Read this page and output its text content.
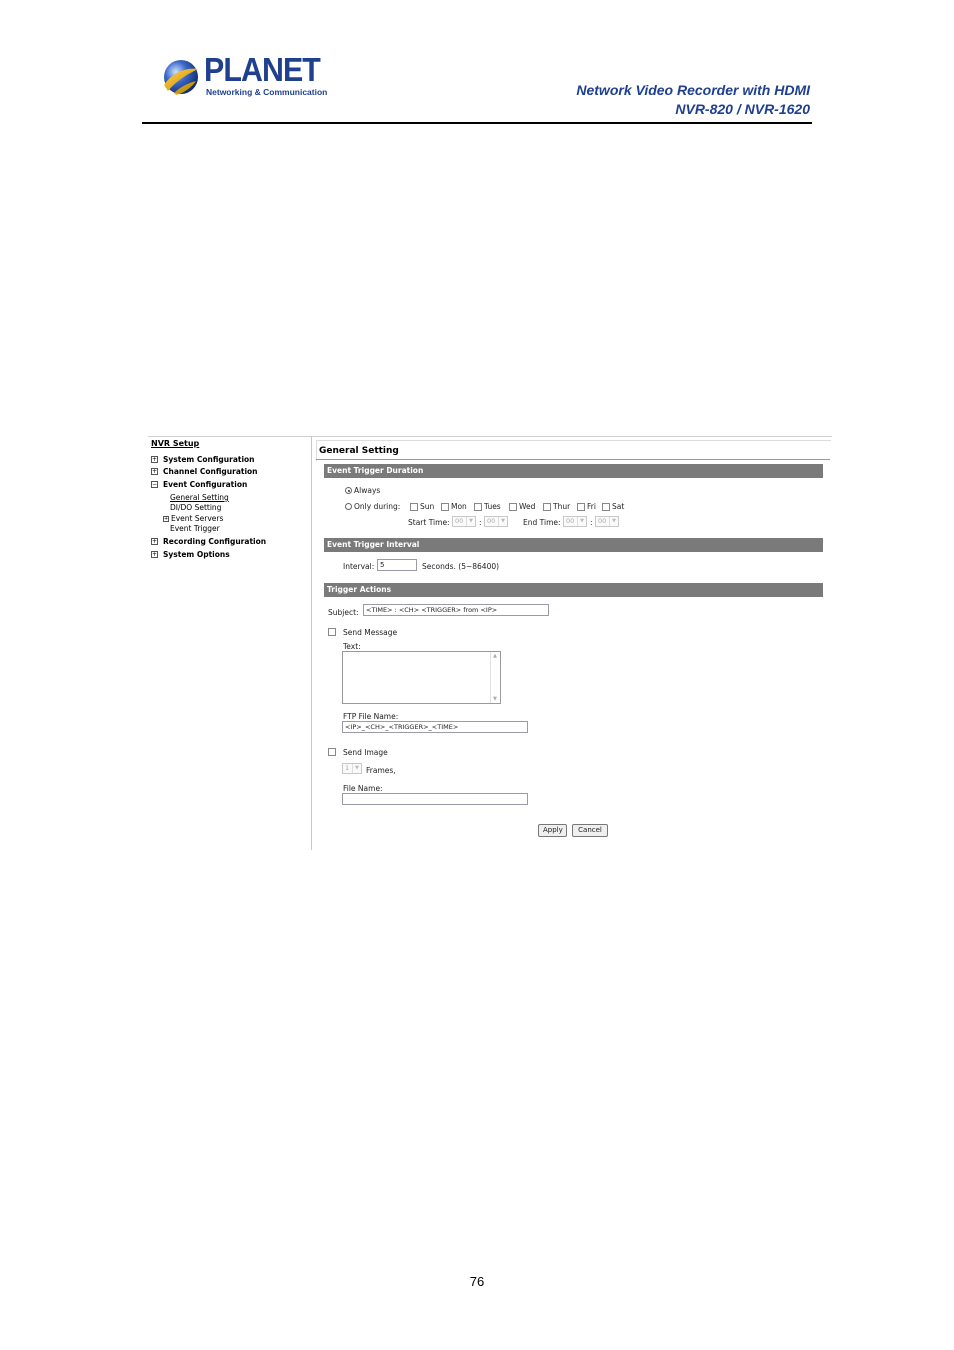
PLANET
Networking & Communication	Network Video Recorder with HDMI
NVR-820 / NVR-1620
NVR Setup
+ System Configuration
+ Channel Configuration
− Event Configuration
General Setting
DI/DO Setting
+ Event Servers
Event Trigger
+ Recording Configuration
+ System Options
General Setting
Event Trigger Duration
Always
Only during:	Sun Mon Tues Wed Thur Fri Sat
Start Time: 00	▼ : 00	▼ End Time: 00	▼ : 00	▼
Event Trigger Interval
Interval: 5	Seconds. (5~86400)
Trigger Actions
Subject:	<TIME> : <CH> <TRIGGER> from <IP>
Send Message
Text:
▲
▼
FTP File Name:
<IP>_<CH>_<TRIGGER>_<TIME>
Send Image
1	▼ Frames,
File Name:
Apply	Cancel
76
